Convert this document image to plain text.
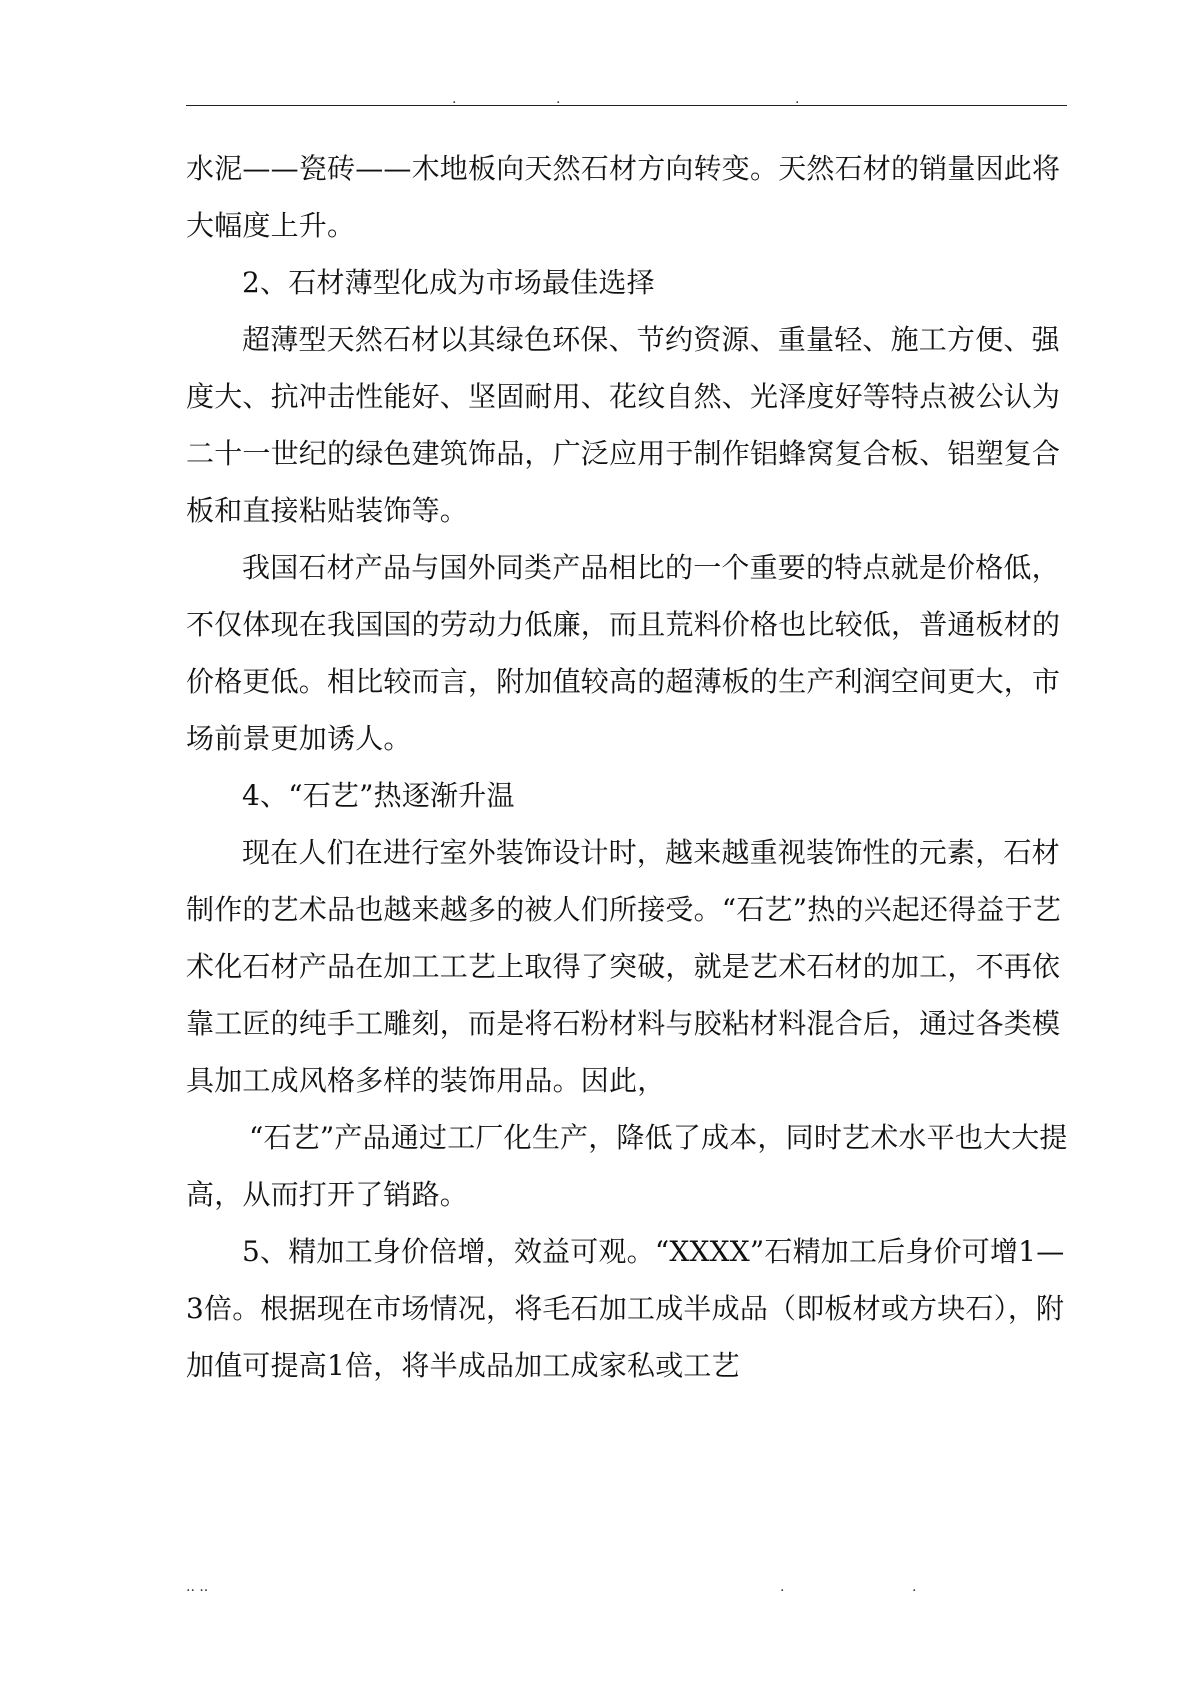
.	.	.

水泥——瓷砖——木地板向天然石材方向转变。天然石材的销量因此将大幅度上升。

2、石材薄型化成为市场最佳选择

超薄型天然石材以其绿色环保、节约资源、重量轻、施工方便、强度大、抗冲击性能好、坚固耐用、花纹自然、光泽度好等特点被公认为二十一世纪的绿色建筑饰品，广泛应用于制作铝蜂窝复合板、铝塑复合板和直接粘贴装饰等。

我国石材产品与国外同类产品相比的一个重要的特点就是价格低，不仅体现在我国国的劳动力低廉，而且荒料价格也比较低，普通板材的价格更低。相比较而言，附加值较高的超薄板的生产利润空间更大，市场前景更加诱人。

4、“石艺”热逐渐升温

现在人们在进行室外装饰设计时，越来越重视装饰性的元素，石材制作的艺术品也越来越多的被人们所接受。“石艺”热的兴起还得益于艺术化石材产品在加工工艺上取得了突破，就是艺术石材的加工，不再依靠工匠的纯手工雕刻，而是将石粉材料与胶粘材料混合后，通过各类模具加工成风格多样的装饰用品。因此，

“石艺”产品通过工厂化生产，降低了成本，同时艺术水平也大大提高，从而打开了销路。

5、精加工身价倍增，效益可观。“XXXX”石精加工后身价可增1—3倍。根据现在市场情况，将毛石加工成半成品（即板材或方块石），附加值可提高1倍，将半成品加工成家私或工艺

.. ..	.	.
